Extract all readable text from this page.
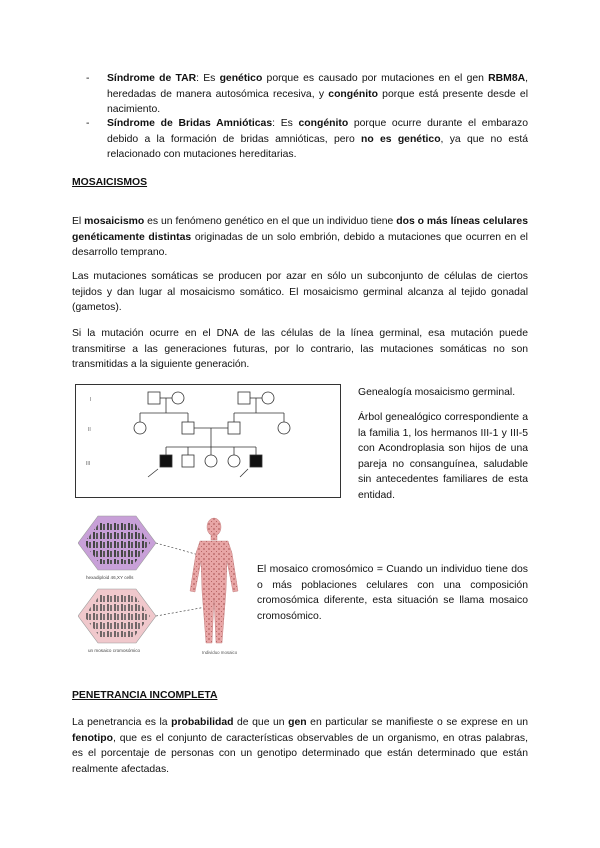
- Síndrome de TAR: Es genético porque es causado por mutaciones en el gen RBM8A, heredadas de manera autosómica recesiva, y congénito porque está presente desde el nacimiento.
- Síndrome de Bridas Amnióticas: Es congénito porque ocurre durante el embarazo debido a la formación de bridas amnióticas, pero no es genético, ya que no está relacionado con mutaciones hereditarias.
MOSAICISMOS
El mosaicismo es un fenómeno genético en el que un individuo tiene dos o más líneas celulares genéticamente distintas originadas de un solo embrión, debido a mutaciones que ocurren en el desarrollo temprano.
Las mutaciones somáticas se producen por azar en sólo un subconjunto de células de ciertos tejidos y dan lugar al mosaicismo somático. El mosaicismo germinal alcanza al tejido gonadal (gametos).
Si la mutación ocurre en el DNA de las células de la línea germinal, esa mutación puede transmitirse a las generaciones futuras, por lo contrario, las mutaciones somáticas no son transmitidas a la siguiente generación.
I
II
III
Genealogía mosaicismo germinal.
Árbol genealógico correspondiente a la familia 1, los hermanos III-1 y III-5 con Acondroplasia son hijos de una pareja no consanguínea, saludable sin antecedentes familiares de esta entidad.
hexadiploid 46,XY cells
un mosaico cromosómico	Individuo mosaico
El mosaico cromosómico = Cuando un individuo tiene dos o más poblaciones celulares con una composición cromosómica diferente, esta situación se llama mosaico cromosómico.
PENETRANCIA INCOMPLETA
La penetrancia es la probabilidad de que un gen en particular se manifieste o se exprese en un fenotipo, que es el conjunto de características observables de un organismo, en otras palabras, es el porcentaje de personas con un genotipo determinado que están determinado que están realmente afectadas.
